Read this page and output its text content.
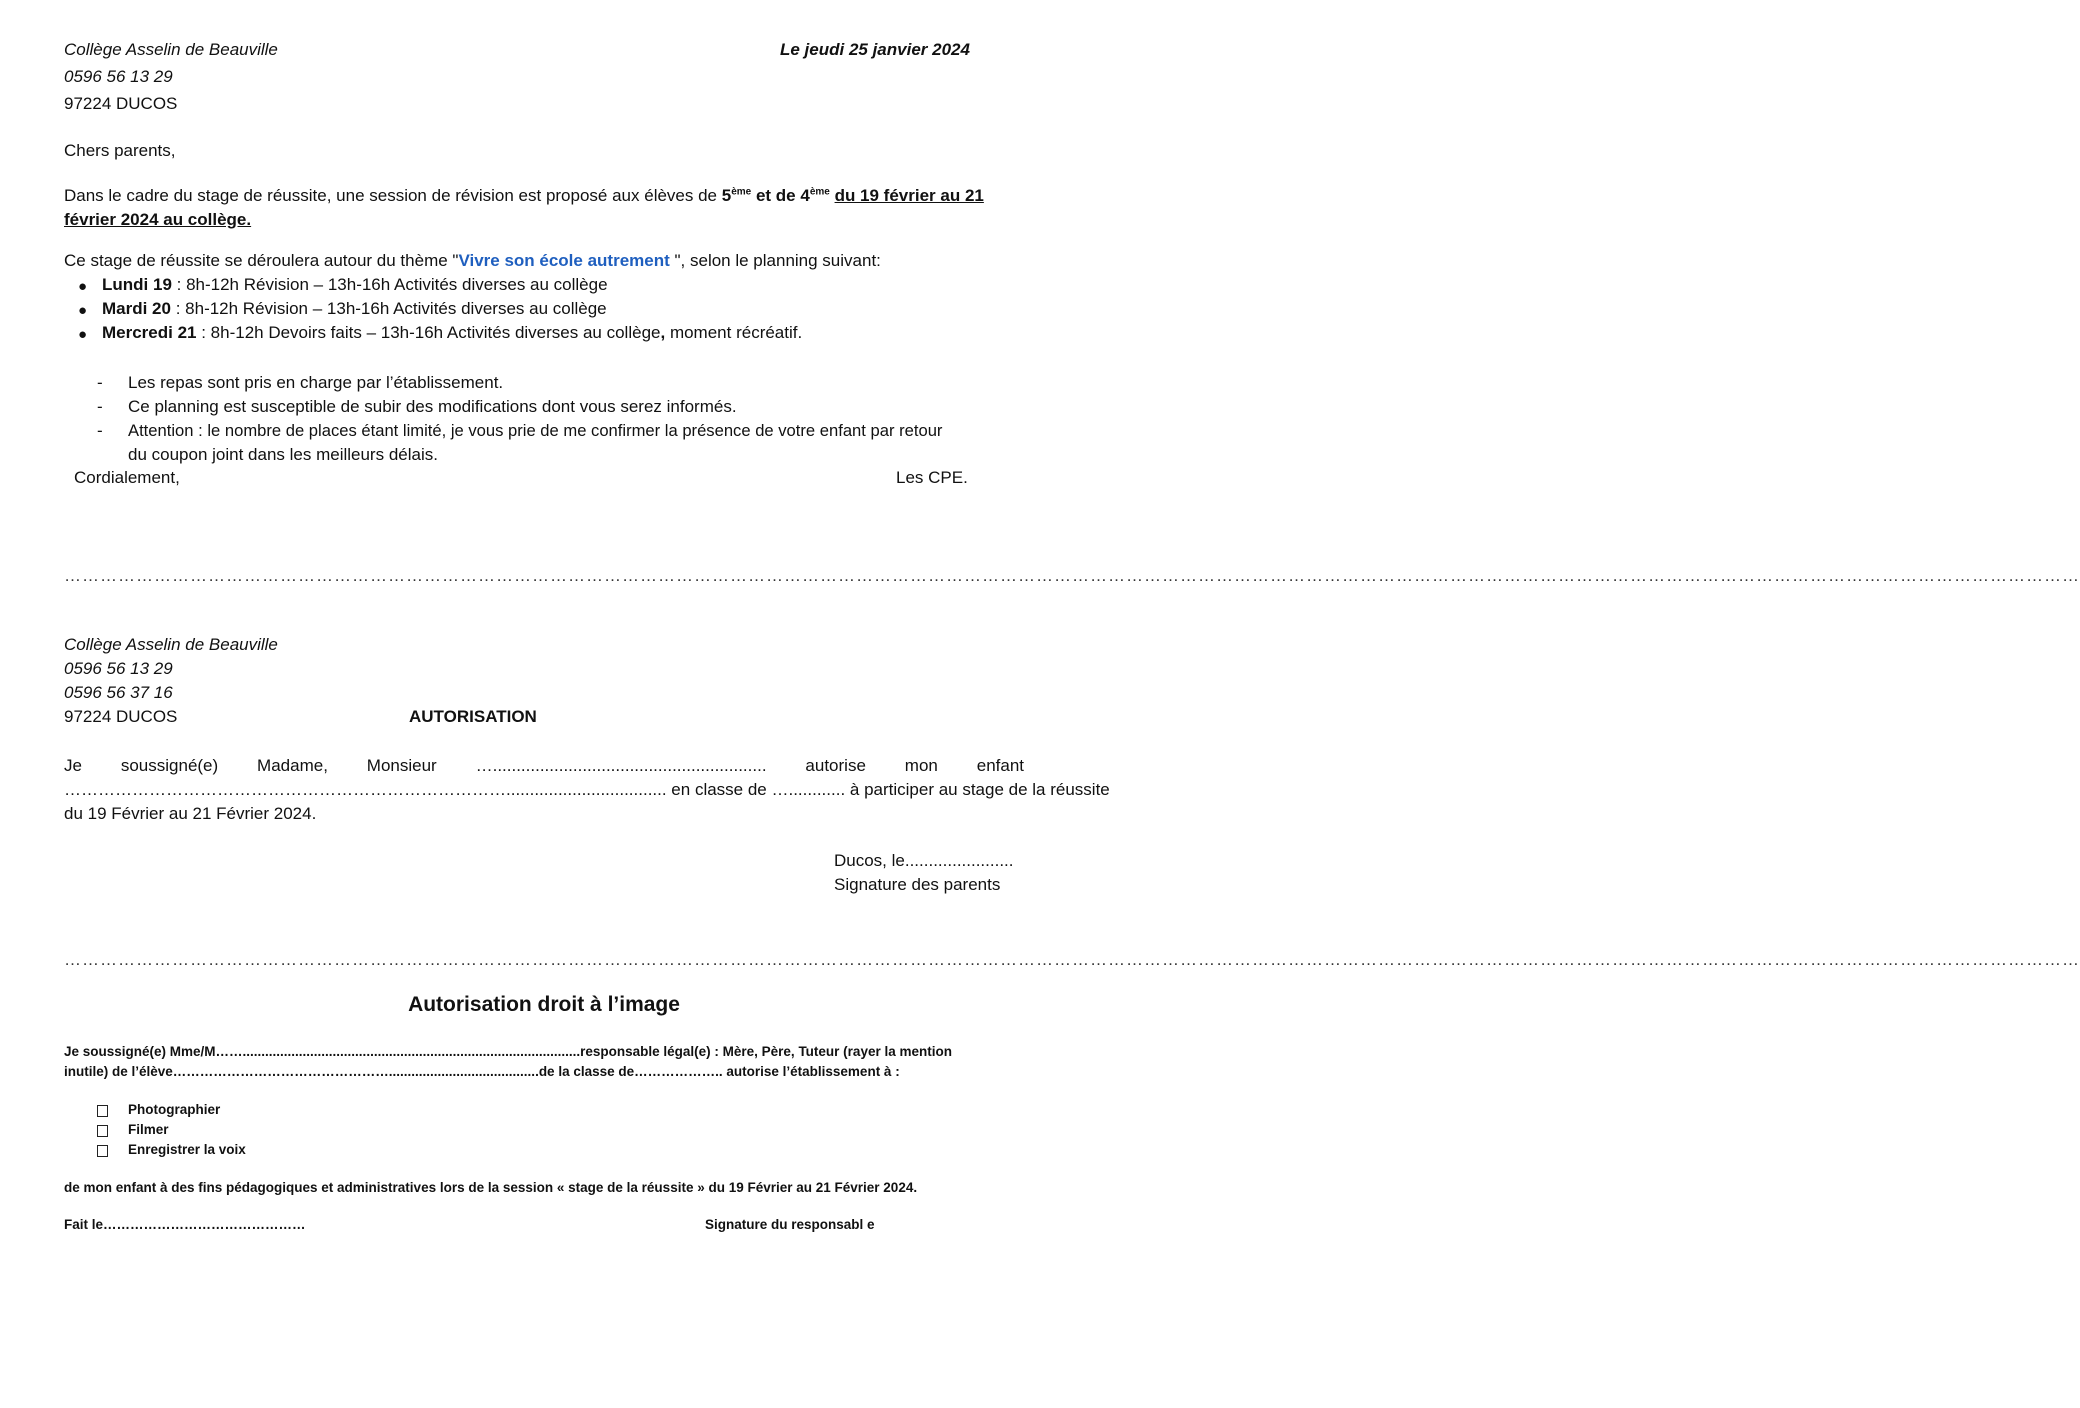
Collège Asselin de Beauville
0596 56 13 29
97224 DUCOS
Le jeudi 25 janvier 2024
Chers parents,
Dans le cadre du stage de réussite, une session de révision est proposé aux élèves de 5ème et de 4ème du 19 février au 21
février 2024 au collège.
Ce stage de réussite se déroulera autour du thème "Vivre son école autrement ", selon le planning suivant:
● Lundi 19 : 8h-12h Révision – 13h-16h Activités diverses au collège
● Mardi 20 : 8h-12h Révision – 13h-16h Activités diverses au collège
● Mercredi 21 : 8h-12h Devoirs faits – 13h-16h Activités diverses au collège, moment récréatif.
- Les repas sont pris en charge par l’établissement.
- Ce planning est susceptible de subir des modifications dont vous serez informés.
- Attention : le nombre de places étant limité, je vous prie de me confirmer la présence de votre enfant par retour
du coupon joint dans les meilleurs délais.
Cordialement,	Les CPE.
…………………………………………………………………………………………………………………………………………………………………………………………………………………………………………………………………………………………………………
Collège Asselin de Beauville
0596 56 13 29
0596 56 37 16
97224 DUCOS	AUTORISATION
Je soussigné(e) Madame, Monsieur ….......................................................... autorise mon enfant
…………………………………………………………………….................................. en classe de …............ à participer au stage de la réussite
du 19 Février au 21 Février 2024.
Ducos, le.......................
Signature des parents
…………………………………………………………………………………………………………………………………………………………………………………………………………………………………………………………………………………………………………
Autorisation droit à l’image
Je soussigné(e) Mme/M……..........................................................................................responsable légal(e) : Mère, Père, Tuteur (rayer la mention
inutile) de l’élève…………………………………………........................................de la classe de……………….. autorise l’établissement à :
Photographier
Filmer
Enregistrer la voix
de mon enfant à des fins pédagogiques et administratives lors de la session « stage de la réussite » du 19 Février au 21 Février 2024.
Fait le………………………………………	Signature du responsabl e
